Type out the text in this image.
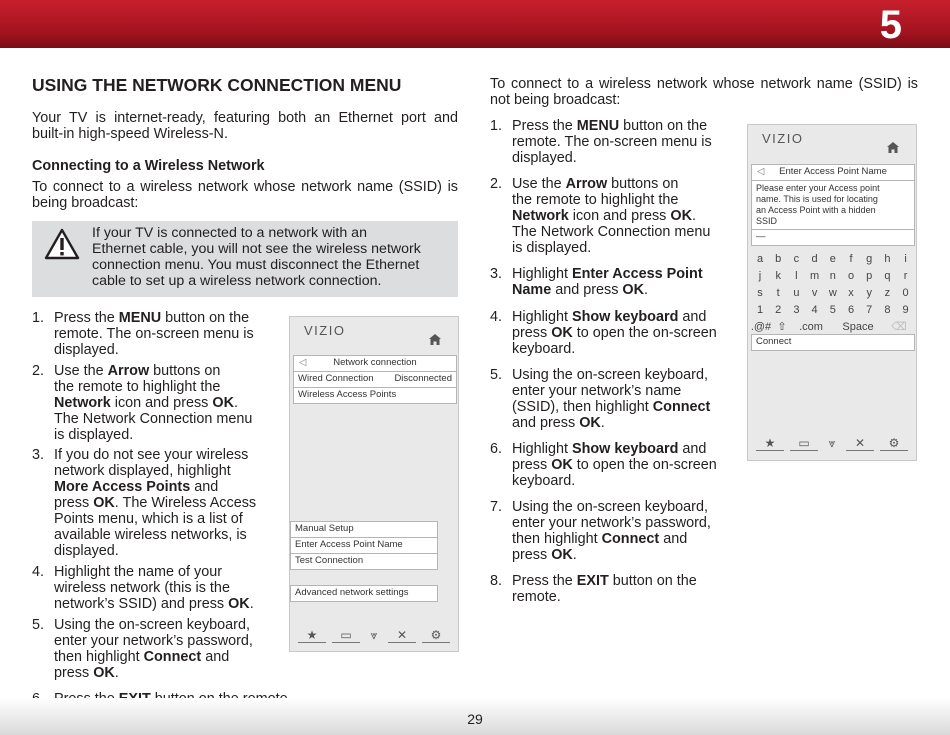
5
USING THE NETWORK CONNECTION MENU
Your TV is internet-ready, featuring both an Ethernet port and
built-in high-speed Wireless-N.
Connecting to a Wireless Network
To connect to a wireless network whose network name (SSID) is
being broadcast:
If your TV is connected to a network with an
Ethernet cable, you will not see the wireless network
connection menu. You must disconnect the Ethernet
cable to set up a wireless network connection.
1. Press the MENU button on the
remote. The on-screen menu is
displayed.
2. Use the Arrow buttons on
the remote to highlight the
Network icon and press OK.
The Network Connection menu
is displayed.
3. If you do not see your wireless
network displayed, highlight
More Access Points and
press OK. The Wireless Access
Points menu, which is a list of
available wireless networks, is
displayed.
4. Highlight the name of your
wireless network (this is the
network’s SSID) and press OK.
5. Using the on-screen keyboard,
enter your network’s password,
then highlight Connect and
press OK.
VIZIO
◁	Network connection
Wired Connection Disconnected
Wireless Access Points
Manual Setup
Enter Access Point Name
Test Connection
Advanced network settings
★	▭	⩔	✕	⚙
To connect to a wireless network whose network name (SSID) is
not being broadcast:
1. Press the MENU button on the
remote. The on-screen menu is
displayed.
2. Use the Arrow buttons on
the remote to highlight the
Network icon and press OK.
The Network Connection menu
is displayed.
3. Highlight Enter Access Point
Name and press OK.
4. Highlight Show keyboard and
press OK to open the on-screen
keyboard.
5. Using the on-screen keyboard,
enter your network’s name
(SSID), then highlight Connect
and press OK.
6. Highlight Show keyboard and
press OK to open the on-screen
keyboard.
7. Using the on-screen keyboard,
enter your network’s password,
then highlight Connect and
press OK.
8. Press the EXIT button on the
remote.
VIZIO
◁ Enter Access Point Name
Please enter your Access point
name. This is used for locating
an Access Point with a hidden
SSID
—
a	b	c	d	e	f	g	h	i
j	k	l	m n	o	p	q	r
s	t	u	v	w	x	y	z	0
1	2	3	4	5	6	7	8	9
.@# ⇧	.com	Space	⌫
Connect
★	▭	⩔	✕	⚙
29
